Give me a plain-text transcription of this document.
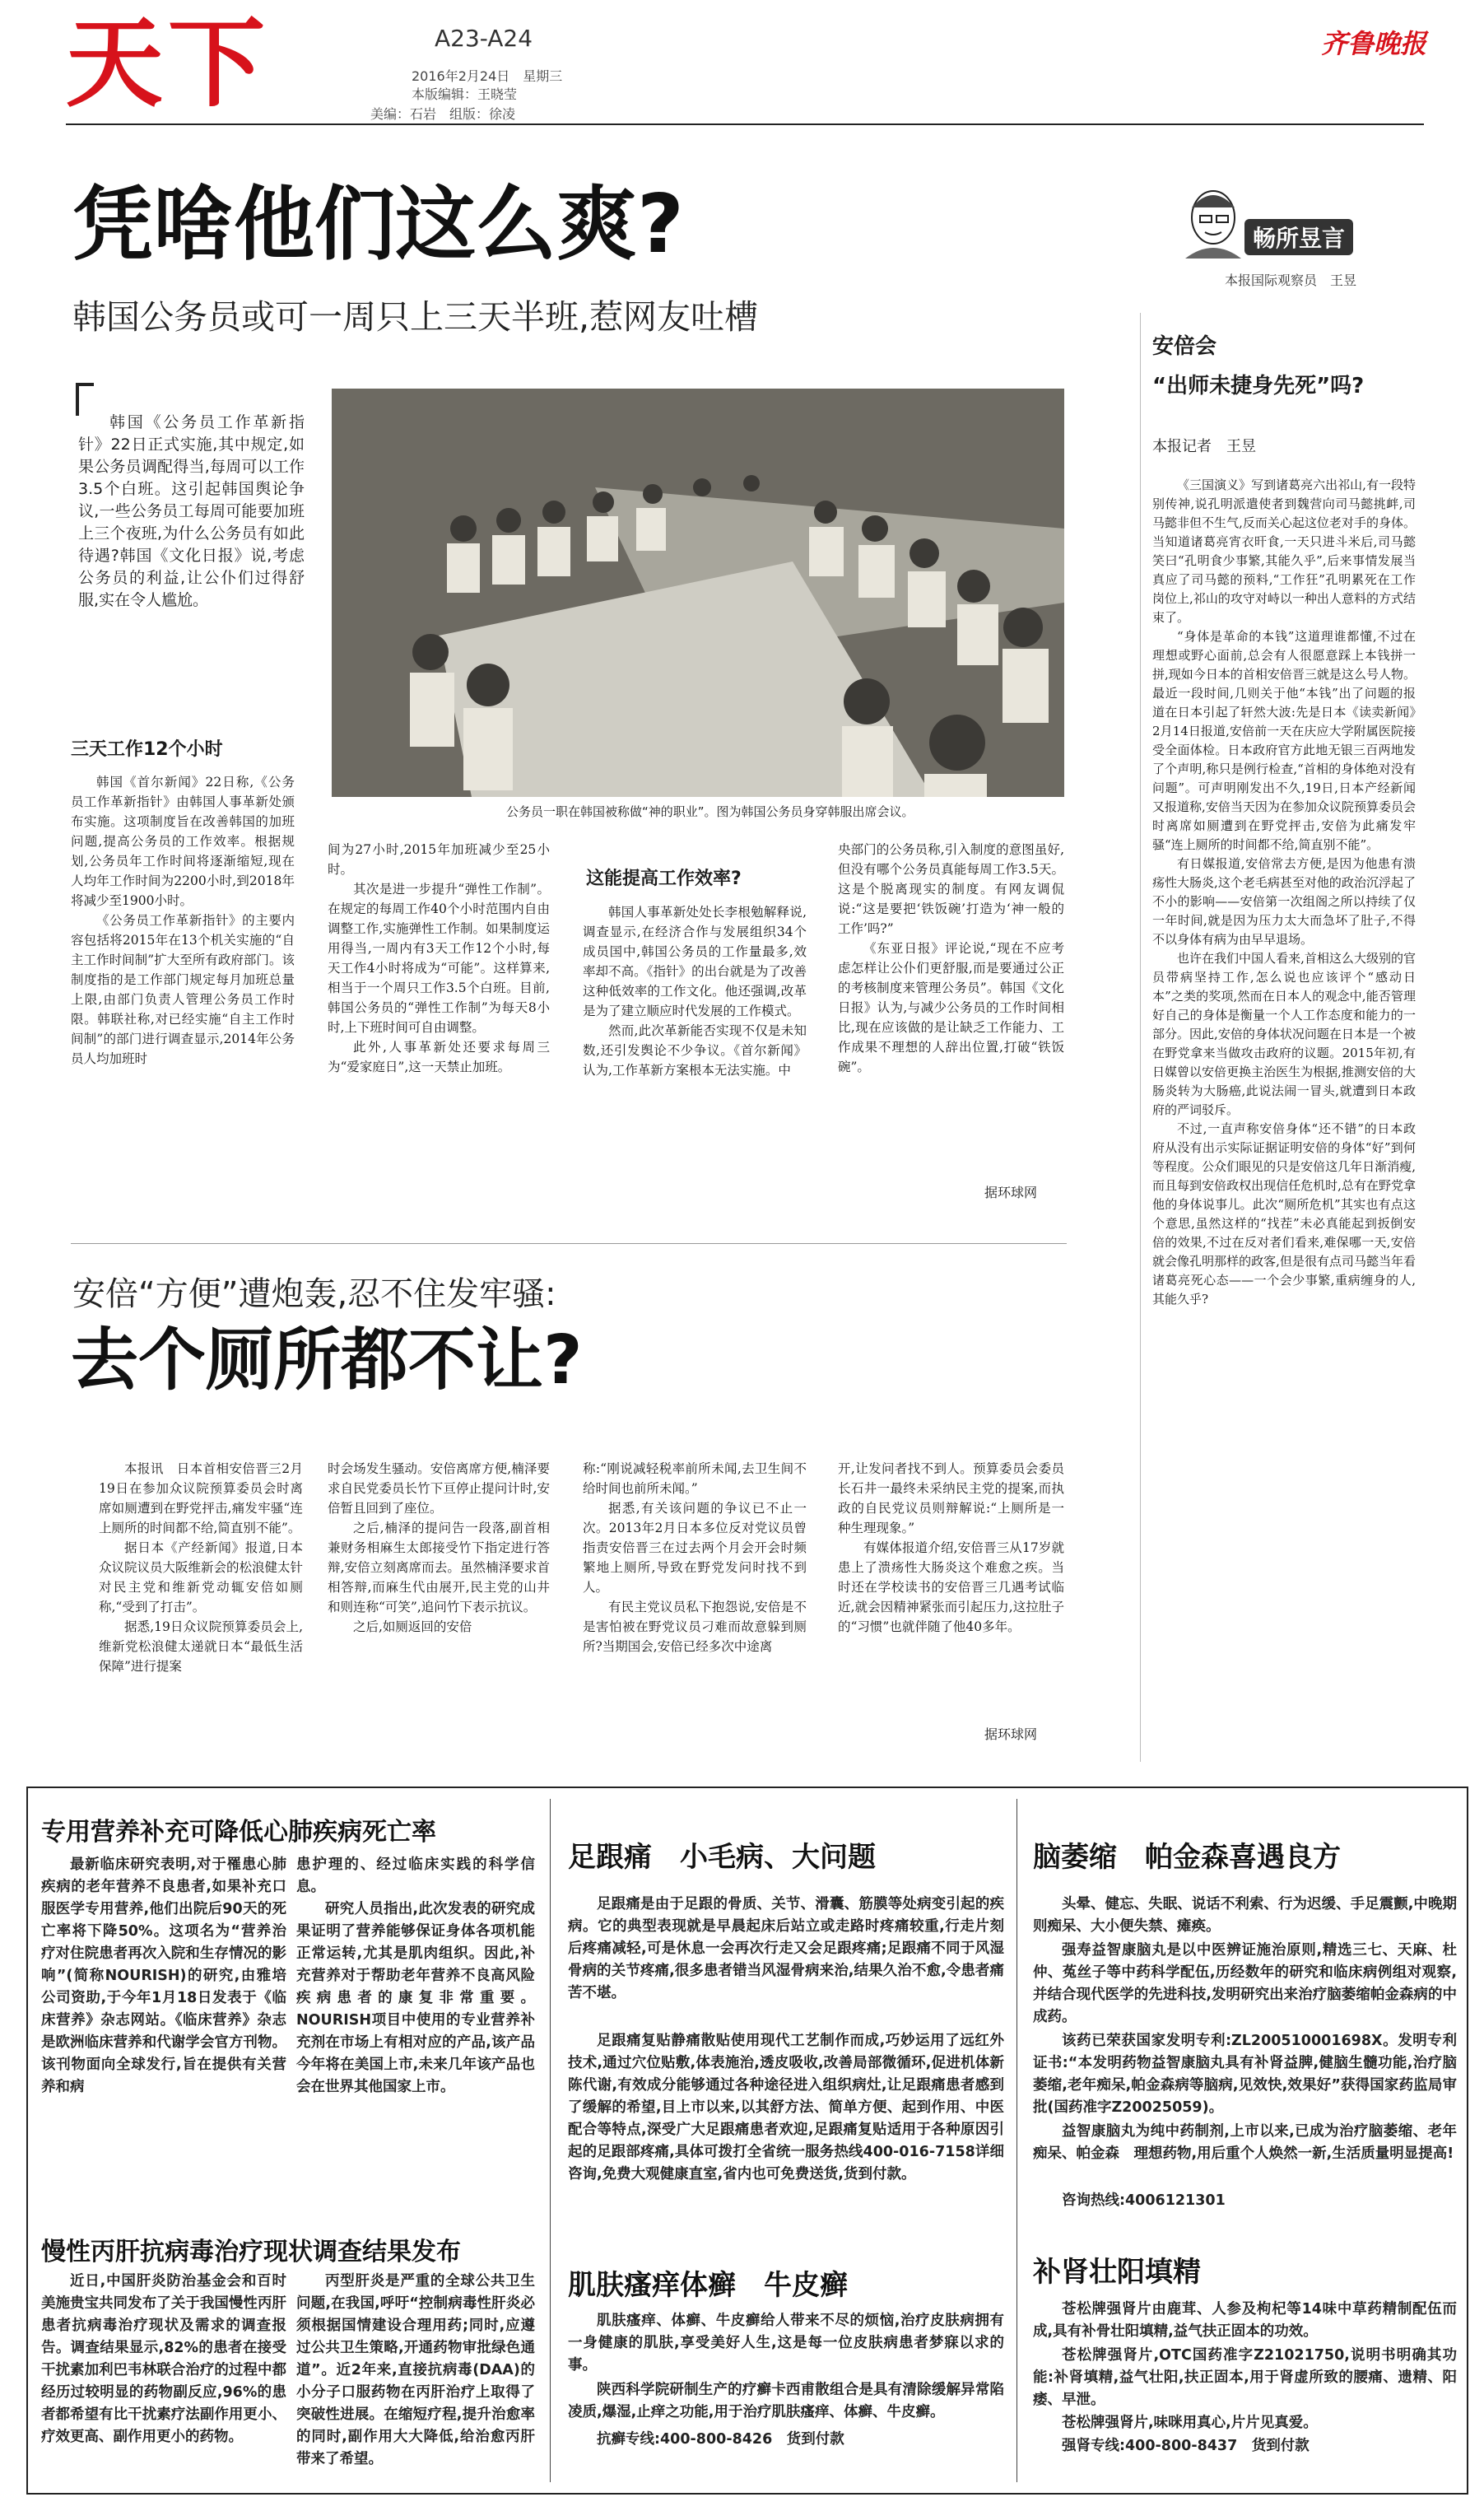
天下	A23-A24
2016年2月24日　星期三
本版编辑：王晓莹
美编：石岩　组版：徐凌
齐鲁晚报
凭啥他们这么爽?
韩国公务员或可一周只上三天半班,惹网友吐槽
韩国《公务员工作革新指针》22日正式实施,其中规定,如果公务员调配得当,每周可以工作3.5个白班。这引起韩国舆论争议,一些公务员工每周可能要加班上三个夜班,为什么公务员有如此待遇?韩国《文化日报》说,考虑公务员的利益,让公仆们过得舒服,实在令人尴尬。
公务员一职在韩国被称做“神的职业”。图为韩国公务员身穿韩服出席会议。
三天工作12个小时

韩国《首尔新闻》22日称,《公务员工作革新指针》由韩国人事革新处颁布实施。这项制度旨在改善韩国的加班问题,提高公务员的工作效率。根据规划,公务员年工作时间将逐渐缩短,现在人均年工作时间为2200小时,到2018年将减少至1900小时。

《公务员工作革新指针》的主要内容包括将2015年在13个机关实施的“自主工作时间制”扩大至所有政府部门。该制度指的是工作部门规定每月加班总量上限,由部门负责人管理公务员工作时限。韩联社称,对已经实施“自主工作时间制”的部门进行调查显示,2014年公务员人均加班时

间为27小时,2015年加班减少至25小时。

其次是进一步提升“弹性工作制”。在规定的每周工作40个小时范围内自由调整工作,实施弹性工作制。如果制度运用得当,一周内有3天工作12个小时,每天工作4小时将成为“可能”。这样算来,相当于一个周只工作3.5个白班。目前,韩国公务员的“弹性工作制”为每天8小时,上下班时间可自由调整。

此外,人事革新处还要求每周三为“爱家庭日”,这一天禁止加班。

这能提高工作效率?

韩国人事革新处处长李根勉解释说,调查显示,在经济合作与发展组织34个成员国中,韩国公务员的工作量最多,效率却不高。《指针》的出台就是为了改善这种低效率的工作文化。他还强调,改革是为了建立顺应时代发展的工作模式。

然而,此次革新能否实现不仅是未知数,还引发舆论不少争议。《首尔新闻》认为,工作革新方案根本无法实施。中

央部门的公务员称,引入制度的意图虽好,但没有哪个公务员真能每周工作3.5天。这是个脱离现实的制度。有网友调侃说:“这是要把‘铁饭碗’打造为‘神一般的工作’吗?”

《东亚日报》评论说,“现在不应考虑怎样让公仆们更舒服,而是要通过公正的考核制度来管理公务员”。韩国《文化日报》认为,与减少公务员的工作时间相比,现在应该做的是让缺乏工作能力、工作成果不理想的人辞出位置,打破“铁饭碗”。

据环球网
安倍“方便”遭炮轰,忍不住发牢骚:
去个厕所都不让?

本报讯　日本首相安倍晋三2月19日在参加众议院预算委员会时离席如厕遭到在野党抨击,痛发牢骚“连上厕所的时间都不给,简直别不能”。

据日本《产经新闻》报道,日本众议院议员大阪维新会的松浪健太针对民主党和维新党动辄安倍如厕称,“受到了打击”。

据悉,19日众议院预算委员会上,维新党松浪健太递就日本“最低生活保障”进行提案

时会场发生骚动。安倍离席方便,楠泽要求自民党委员长竹下亘停止提问计时,安倍暂且回到了座位。

之后,楠泽的提问告一段落,副首相兼财务相麻生太郎接受竹下指定进行答辩,安倍立刻离席而去。虽然楠泽要求首相答辩,而麻生代由展开,民主党的山井和则连称“可笑”,追问竹下表示抗议。

之后,如厕返回的安倍

称:“刚说减轻税率前所未闻,去卫生间不给时间也前所未闻。”

据悉,有关该问题的争议已不止一次。2013年2月日本多位反对党议员曾指责安倍晋三在过去两个月会开会时频繁地上厕所,导致在野党发问时找不到人。

有民主党议员私下抱怨说,安倍是不是害怕被在野党议员刁难而故意躲到厕所?当期国会,安倍已经多次中途离

开,让发问者找不到人。预算委员会委员长石井一最终未采纳民主党的提案,而执政的自民党议员则辩解说:“上厕所是一种生理现象。”

有媒体报道介绍,安倍晋三从17岁就患上了溃疡性大肠炎这个难愈之疾。当时还在学校读书的安倍晋三几遇考试临近,就会因精神紧张而引起压力,这拉肚子的“习惯”也就伴随了他40多年。

据环球网
畅所昱言
本报国际观察员　王昱
安倍会
“出师未捷身先死”吗?
本报记者　王昱

《三国演义》写到诸葛亮六出祁山,有一段特别传神,说孔明派遣使者到魏营向司马懿挑衅,司马懿非但不生气,反而关心起这位老对手的身体。当知道诸葛亮宵衣旰食,一天只进斗米后,司马懿笑曰“孔明食少事繁,其能久乎”,后来事情发展当真应了司马懿的预料,“工作狂”孔明累死在工作岗位上,祁山的攻守对峙以一种出人意料的方式结束了。

“身体是革命的本钱”这道理谁都懂,不过在理想或野心面前,总会有人很愿意踩上本钱拼一拼,现如今日本的首相安倍晋三就是这么号人物。最近一段时间,几则关于他“本钱”出了问题的报道在日本引起了轩然大波:先是日本《读卖新闻》2月14日报道,安倍前一天在庆应大学附属医院接受全面体检。日本政府官方此地无银三百两地发了个声明,称只是例行检查,“首相的身体绝对没有问题”。可声明刚发出不久,19日,日本产经新闻又报道称,安倍当天因为在参加众议院预算委员会时离席如厕遭到在野党抨击,安倍为此痛发牢骚“连上厕所的时间都不给,简直别不能”。

有日媒报道,安倍常去方便,是因为他患有溃疡性大肠炎,这个老毛病甚至对他的政治沉浮起了不小的影响——安倍第一次组阁之所以持续了仅一年时间,就是因为压力太大而急坏了肚子,不得不以身体有病为由早早退场。

也许在我们中国人看来,首相这么大级别的官员带病坚持工作,怎么说也应该评个“感动日本”之类的奖项,然而在日本人的观念中,能否管理好自己的身体是衡量一个人工作态度和能力的一部分。因此,安倍的身体状况问题在日本是一个被在野党拿来当做攻击政府的议题。2015年初,有日媒曾以安倍更换主治医生为根据,推测安倍的大肠炎转为大肠癌,此说法闹一冒头,就遭到日本政府的严词驳斥。

不过,一直声称安倍身体“还不错”的日本政府从没有出示实际证据证明安倍的身体“好”到何等程度。公众们眼见的只是安倍这几年日渐消瘦,而且每到安倍政权出现信任危机时,总有在野党拿他的身体说事儿。此次“厕所危机”其实也有点这个意思,虽然这样的“找茬”未必真能起到扳倒安倍的效果,不过在反对者们看来,难保哪一天,安倍就会像孔明那样的政客,但是很有点司马懿当年看诸葛亮死心态——一个会少事繁,重病缠身的人,其能久乎?

专用营养补充可降低心肺疾病死亡率
最新临床研究表明,对于罹患心肺疾病的老年营养不良患者,如果补充口服医学专用营养,他们出院后90天的死亡率将下降50%。这项名为“营养治疗对住院患者再次入院和生存情况的影响”(简称NOURISH)的研究,由雅培公司资助,于今年1月18日发表于《临床营养》杂志网站。《临床营养》杂志是欧洲临床营养和代谢学会官方刊物。该刊物面向全球发行,旨在提供有关营养和病
患护理的、经过临床实践的科学信息。
研究人员指出,此次发表的研究成果证明了营养能够保证身体各项机能正常运转,尤其是肌肉组织。因此,补充营养对于帮助老年营养不良高风险疾病患者的康复非常重要。NOURISH项目中使用的专业营养补充剂在市场上有相对应的产品,该产品今年将在美国上市,未来几年该产品也会在世界其他国家上市。
慢性丙肝抗病毒治疗现状调查结果发布
近日,中国肝炎防治基金会和百时美施贵宝共同发布了关于我国慢性丙肝患者抗病毒治疗现状及需求的调查报告。调查结果显示,82%的患者在接受干扰素加利巴韦林联合治疗的过程中都经历过较明显的药物副反应,96%的患者都希望有比干扰素疗法副作用更小、疗效更高、副作用更小的药物。
丙型肝炎是严重的全球公共卫生问题,在我国,呼吁“控制病毒性肝炎必须根据国情建设合理用药;同时,应遵过公共卫生策略,开通药物审批绿色通道”。近2年来,直接抗病毒(DAA)的小分子口服药物在丙肝治疗上取得了突破性进展。在缩短疗程,提升治愈率的同时,副作用大大降低,给治愈丙肝带来了希望。
足跟痛　小毛病、大问题
足跟痛是由于足跟的骨质、关节、滑囊、筋膜等处病变引起的疾病。它的典型表现就是早晨起床后站立或走路时疼痛较重,行走片刻后疼痛减轻,可是休息一会再次行走又会足跟疼痛;足跟痛不同于风湿骨病的关节疼痛,很多患者错当风湿骨病来治,结果久治不愈,令患者痛苦不堪。
足跟痛复贴静痛散贴使用现代工艺制作而成,巧妙运用了远红外技术,通过穴位贴敷,体表施治,透皮吸收,改善局部微循环,促进机体新陈代谢,有效成分能够通过各种途径进入组织病灶,让足跟痛患者感到了缓解的希望,目上市以来,以其舒方法、简单方便、起到作用、中医配合等特点,深受广大足跟痛患者欢迎,足跟痛复贴适用于各种原因引起的足跟部疼痛,具体可拨打全省统一服务热线400-016-7158详细咨询,免费大观健康直室,省内也可免费送货,货到付款。
肌肤瘙痒体癣　牛皮癣
肌肤瘙痒、体癣、牛皮癣给人带来不尽的烦恼,治疗皮肤病拥有一身健康的肌肤,享受美好人生,这是每一位皮肤病患者梦寐以求的事。
陕西科学院研制生产的疗癣卡西甫散组合是具有清除缓解异常陷凌质,爆湿,止痒之功能,用于治疗肌肤瘙痒、体癣、牛皮癣。
抗癣专线:400-800-8426　货到付款
脑萎缩　帕金森喜遇良方
头晕、健忘、失眠、说话不利索、行为迟缓、手足震颤,中晚期则痴呆、大小便失禁、瘫痪。
强寿益智康脑丸是以中医辨证施治原则,精选三七、天麻、杜仲、菟丝子等中药科学配伍,历经数年的研究和临床病例组对观察,并结合现代医学的先进科技,发明研究出来治疗脑萎缩帕金森病的中成药。
该药已荣获国家发明专利:ZL200510001698X。发明专利证书:“本发明药物益智康脑丸具有补肾益脾,健脑生髓功能,治疗脑萎缩,老年痴呆,帕金森病等脑病,见效快,效果好”获得国家药监局审批(国药准字Z20025059)。
益智康脑丸为纯中药制剂,上市以来,已成为治疗脑萎缩、老年痴呆、帕金森　理想药物,用后重个人焕然一新,生活质量明显提高!
咨询热线:4006121301
补肾壮阳填精
苍松牌强肾片由鹿茸、人参及枸杞等14味中草药精制配伍而成,具有补骨壮阳填精,益气扶正固本的功效。
苍松牌强肾片,OTC国药准字Z21021750,说明书明确其功能:补肾填精,益气壮阳,扶正固本,用于肾虚所致的腰痛、遗精、阳痿、早泄。
苍松牌强肾片,味咪用真心,片片见真爱。
强肾专线:400-800-8437　货到付款
